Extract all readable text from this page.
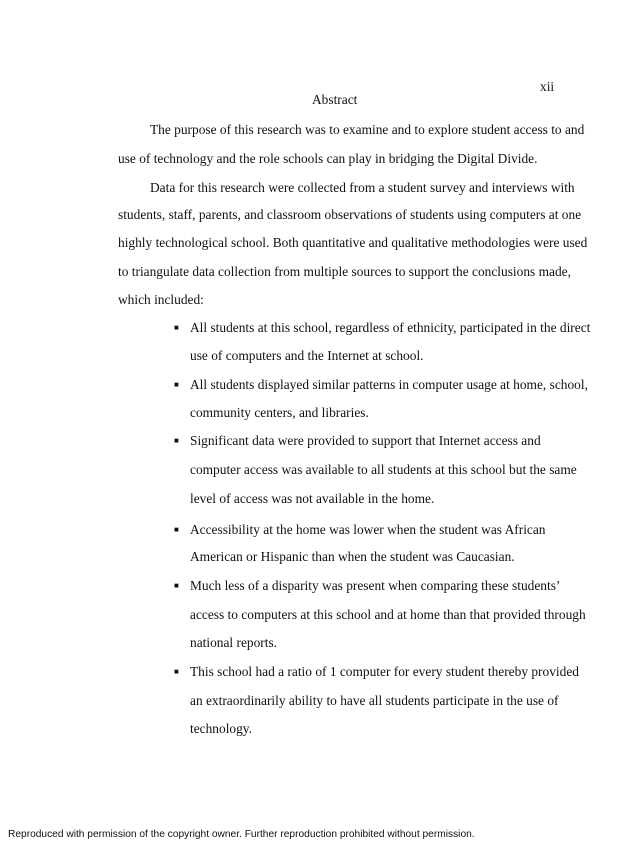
xii
Abstract
The purpose of this research was to examine and to explore student access to and
use of technology and the role schools can play in bridging the Digital Divide.
Data for this research were collected from a student survey and interviews with
students, staff, parents, and classroom observations of students using computers at one
highly technological school. Both quantitative and qualitative methodologies were used
to triangulate data collection from multiple sources to support the conclusions made,
which included:
■ All students at this school, regardless of ethnicity, participated in the direct
use of computers and the Internet at school.
■ All students displayed similar patterns in computer usage at home, school,
community centers, and libraries.
■ Significant data were provided to support that Internet access and
computer access was available to all students at this school but the same
level of access was not available in the home.
■ Accessibility at the home was lower when the student was African
American or Hispanic than when the student was Caucasian.
■ Much less of a disparity was present when comparing these students’
access to computers at this school and at home than that provided through
national reports.
■ This school had a ratio of 1 computer for every student thereby provided
an extraordinarily ability to have all students participate in the use of
technology.
Reproduced with permission of the copyright owner. Further reproduction prohibited without permission.
